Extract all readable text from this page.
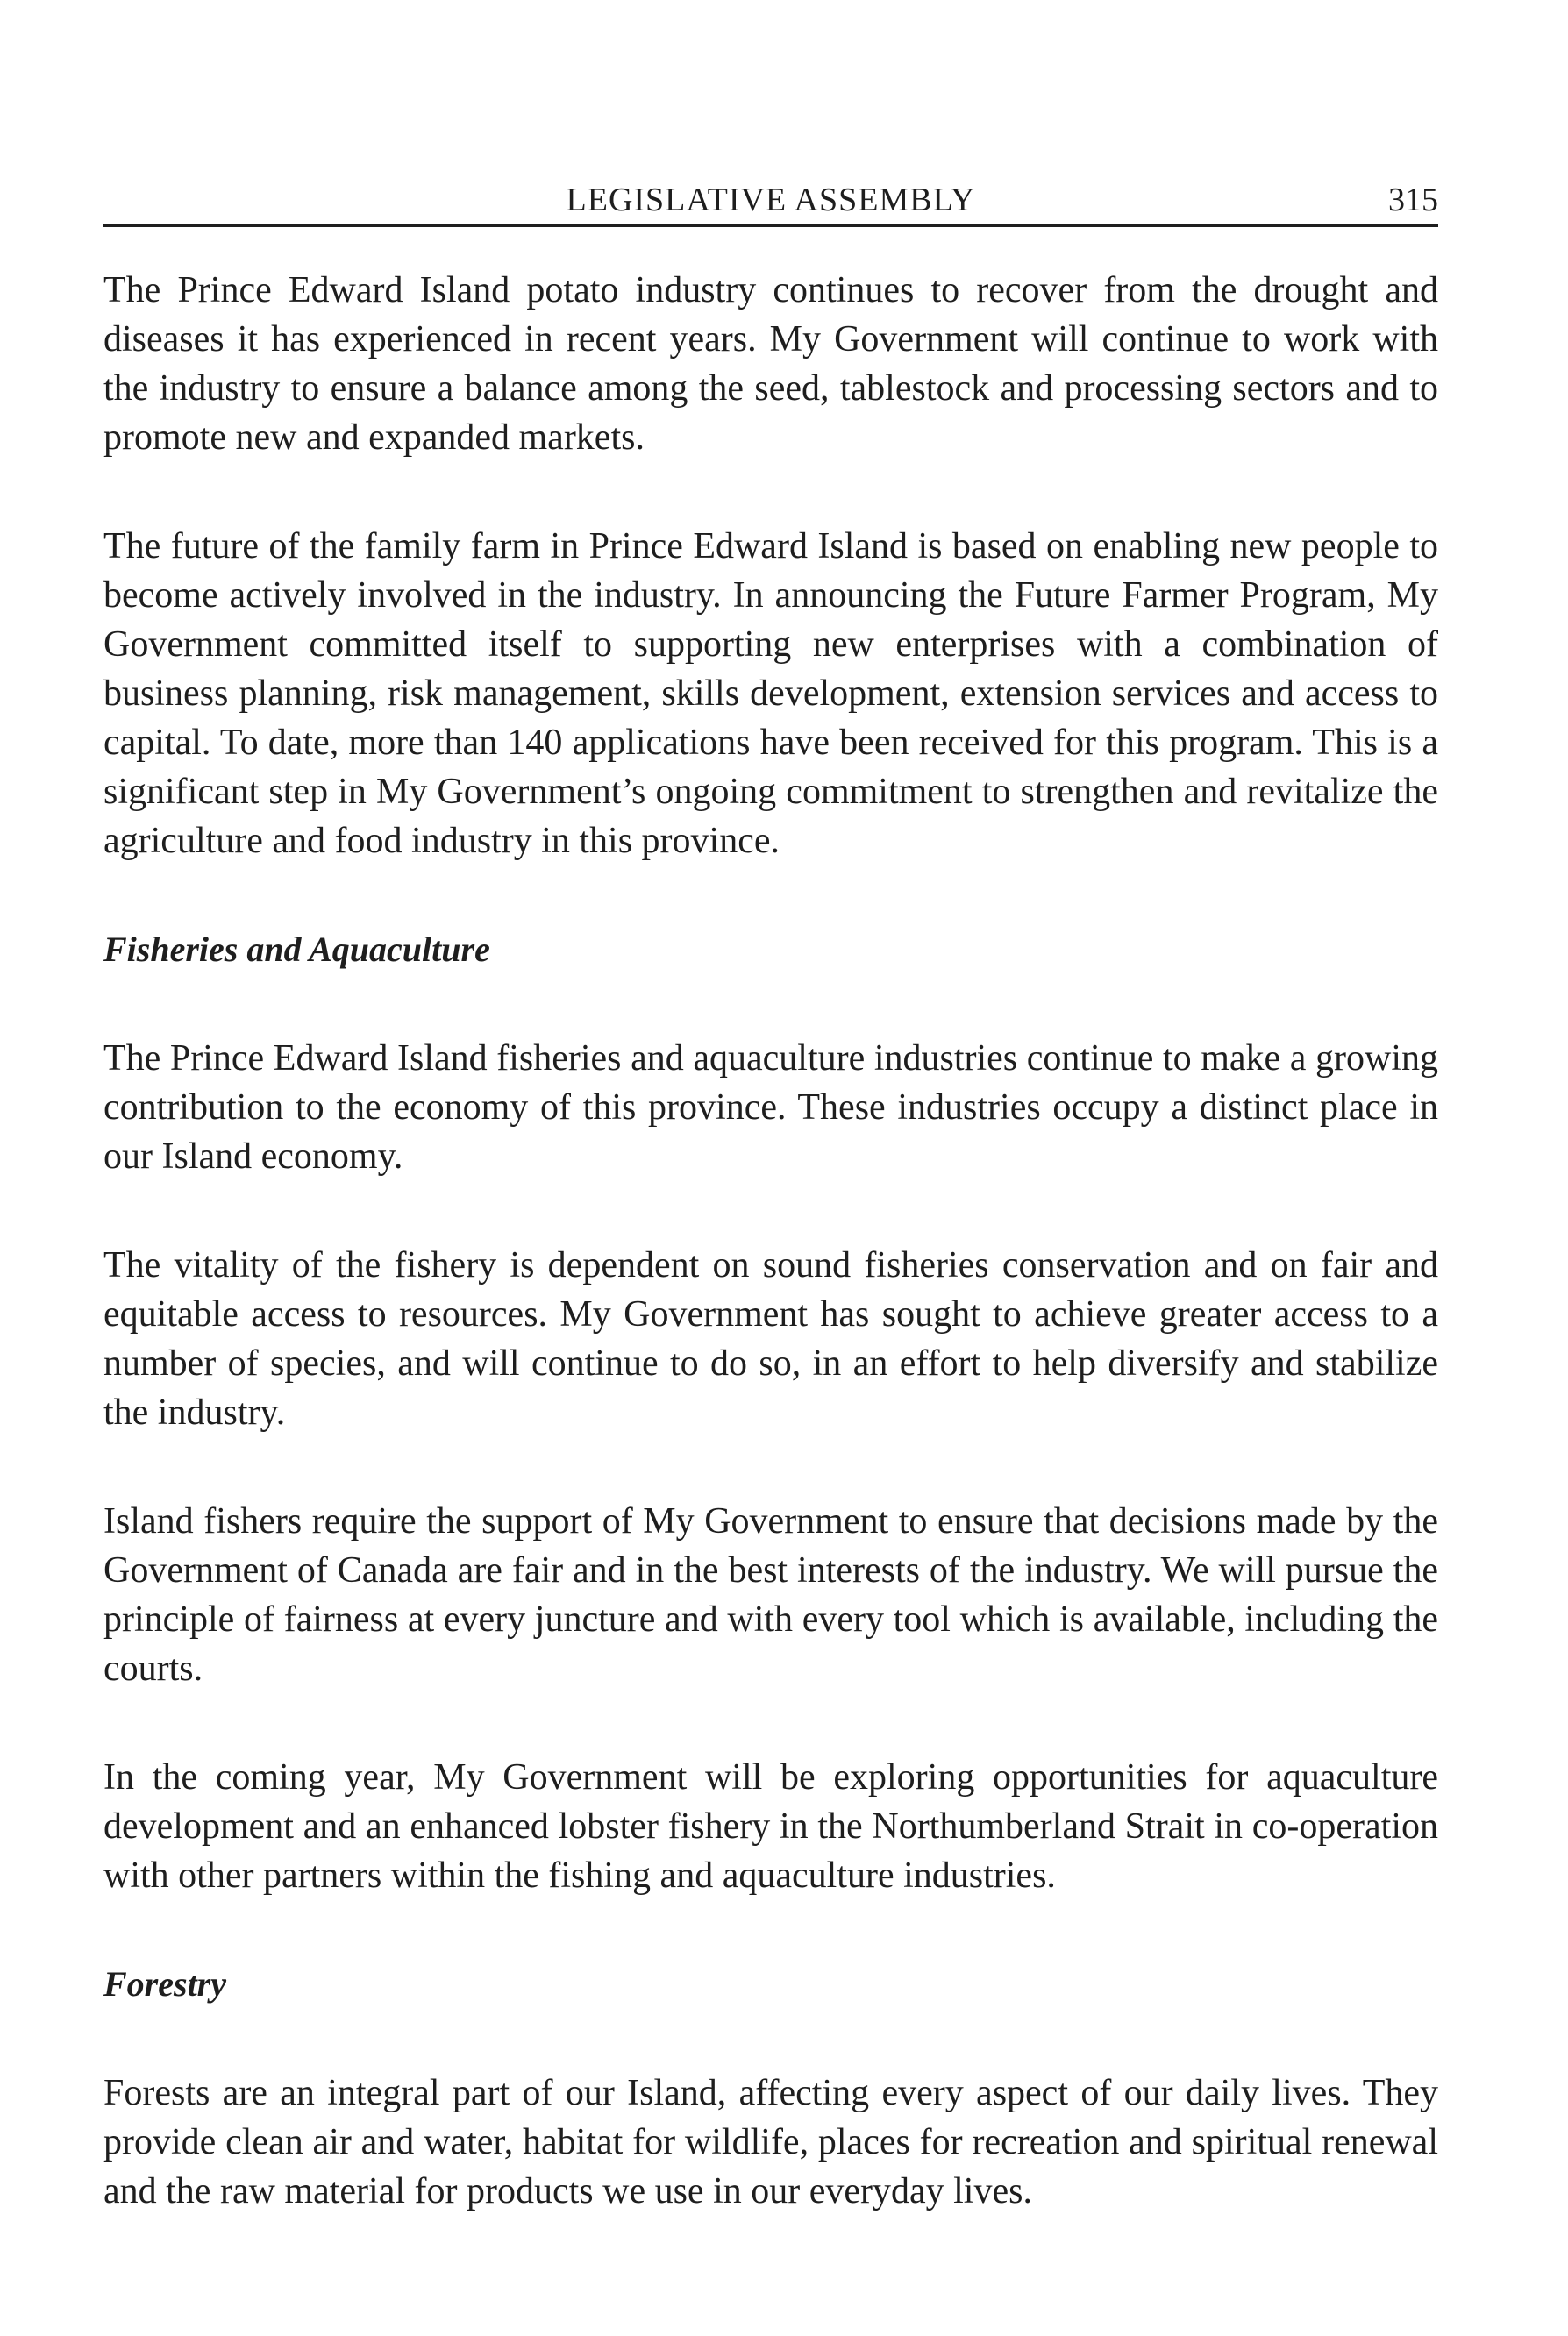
LEGISLATIVE ASSEMBLY	315

The Prince Edward Island potato industry continues to recover from the drought and diseases it has experienced in recent years. My Government will continue to work with the industry to ensure a balance among the seed, tablestock and processing sectors and to promote new and expanded markets.

The future of the family farm in Prince Edward Island is based on enabling new people to become actively involved in the industry. In announcing the Future Farmer Program, My Government committed itself to supporting new enterprises with a combination of business planning, risk management, skills development, extension services and access to capital. To date, more than 140 applications have been received for this program. This is a significant step in My Government’s ongoing commitment to strengthen and revitalize the agriculture and food industry in this province.

Fisheries and Aquaculture

The Prince Edward Island fisheries and aquaculture industries continue to make a growing contribution to the economy of this province. These industries occupy a distinct place in our Island economy.

The vitality of the fishery is dependent on sound fisheries conservation and on fair and equitable access to resources. My Government has sought to achieve greater access to a number of species, and will continue to do so, in an effort to help diversify and stabilize the industry.

Island fishers require the support of My Government to ensure that decisions made by the Government of Canada are fair and in the best interests of the industry. We will pursue the principle of fairness at every juncture and with every tool which is available, including the courts.

In the coming year, My Government will be exploring opportunities for aquaculture development and an enhanced lobster fishery in the Northumberland Strait in co-operation with other partners within the fishing and aquaculture industries.

Forestry

Forests are an integral part of our Island, affecting every aspect of our daily lives. They provide clean air and water, habitat for wildlife, places for recreation and spiritual renewal and the raw material for products we use in our everyday lives.
